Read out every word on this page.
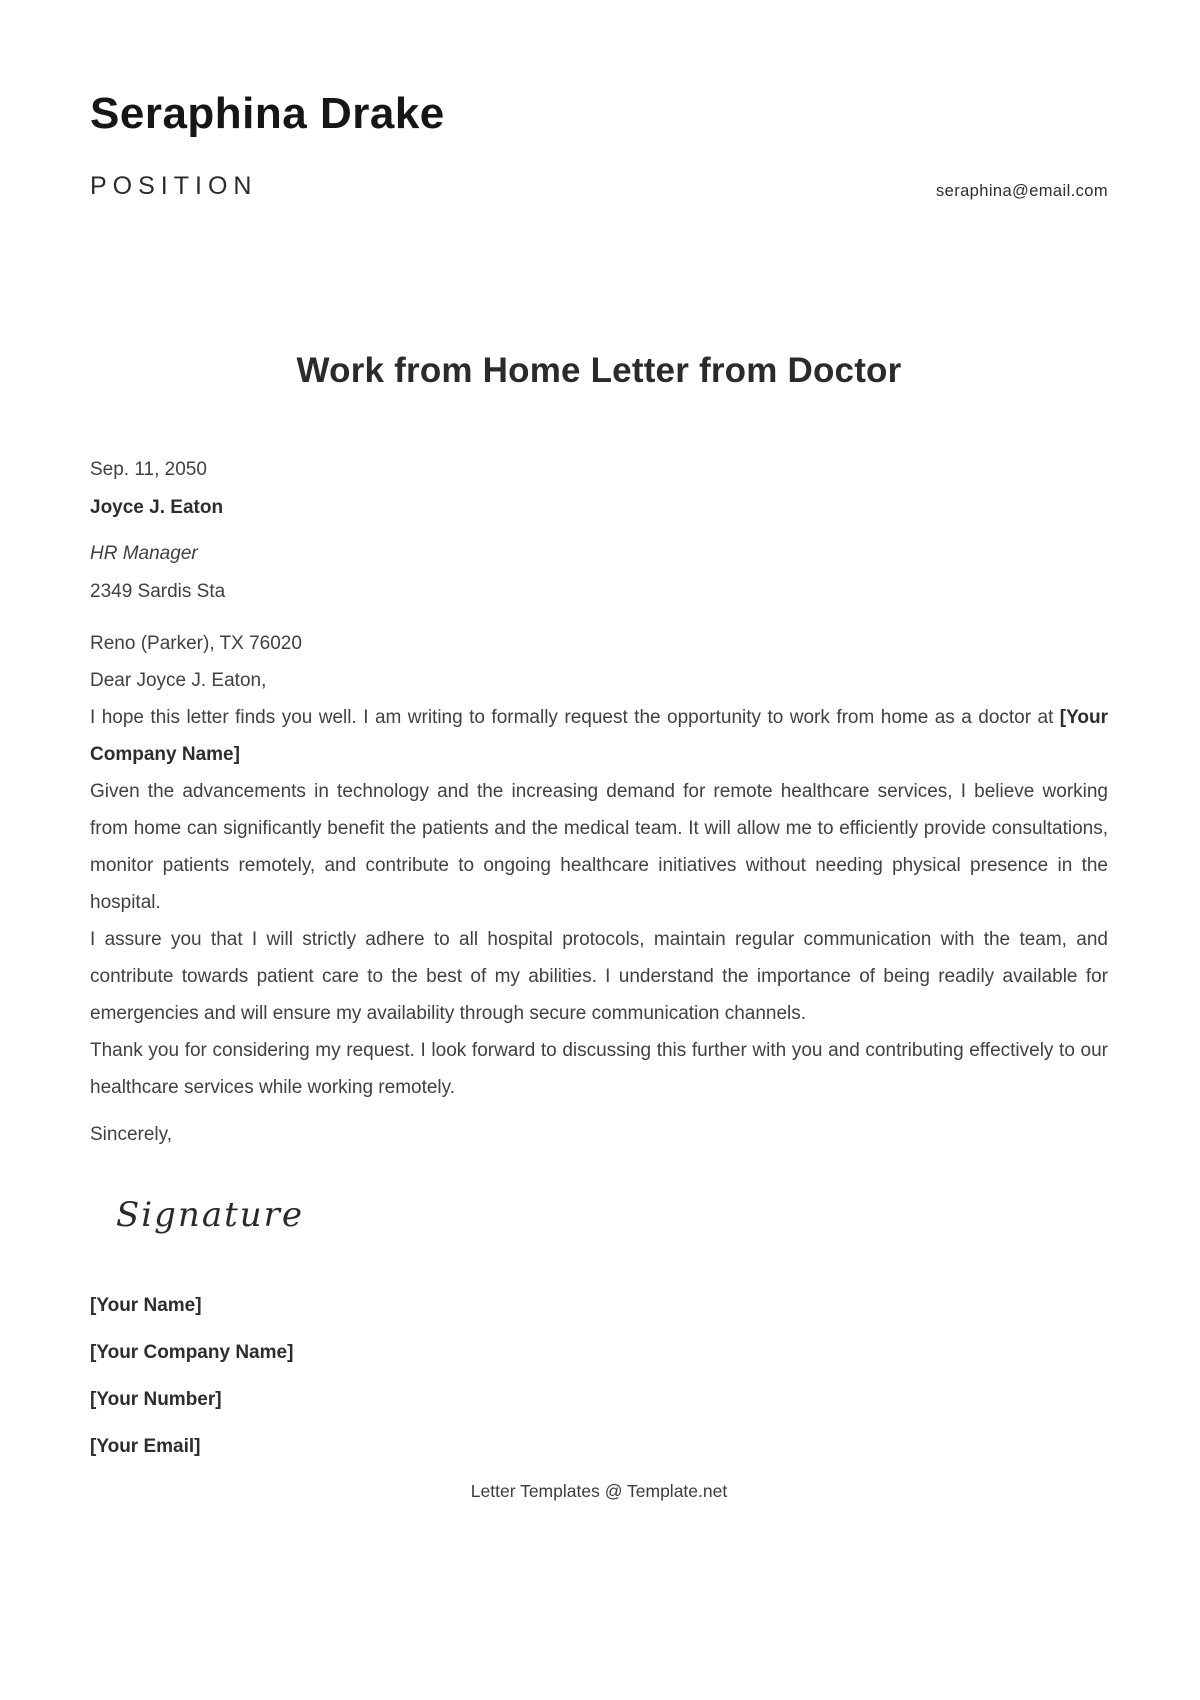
Seraphina Drake
POSITION	seraphina@email.com
Work from Home Letter from Doctor

Sep. 11, 2050

Joyce J. Eaton

HR Manager

2349 Sardis Sta

Reno (Parker), TX 76020

Dear Joyce J. Eaton,

I hope this letter finds you well. I am writing to formally request the opportunity to work from home as a doctor at [Your Company Name]

Given the advancements in technology and the increasing demand for remote healthcare services, I believe working from home can significantly benefit the patients and the medical team. It will allow me to efficiently provide consultations, monitor patients remotely, and contribute to ongoing healthcare initiatives without needing physical presence in the hospital.

I assure you that I will strictly adhere to all hospital protocols, maintain regular communication with the team, and contribute towards patient care to the best of my abilities. I understand the importance of being readily available for emergencies and will ensure my availability through secure communication channels.

Thank you for considering my request. I look forward to discussing this further with you and contributing effectively to our healthcare services while working remotely.

Sincerely,

Signature

[Your Name]

[Your Company Name]

[Your Number]

[Your Email]

Letter Templates @ Template.net
